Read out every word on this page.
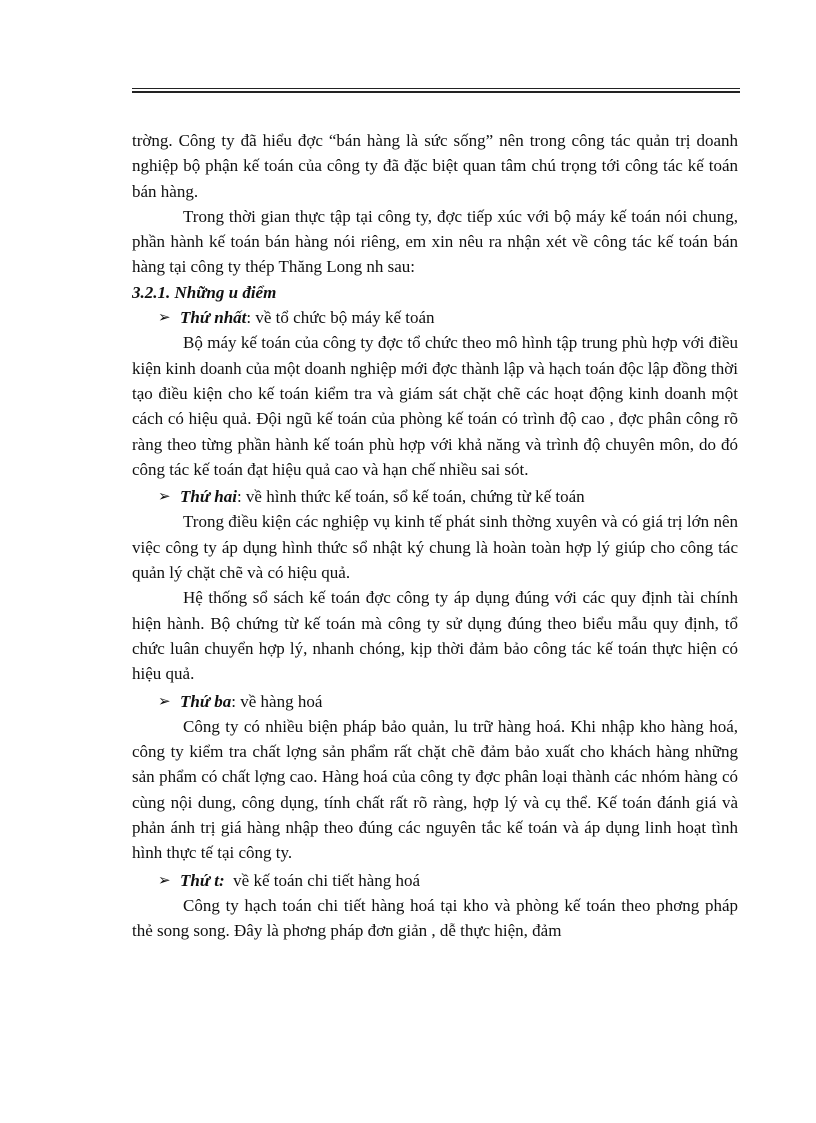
trờng. Công ty đã hiểu đợc “bán hàng là sức sống” nên trong công tác quản trị doanh nghiệp bộ phận kế toán của công ty đã đặc biệt quan tâm chú trọng tới công tác kế toán bán hàng.

Trong thời gian thực tập tại công ty, đợc tiếp xúc với bộ máy kế toán nói chung, phần hành kế toán bán hàng nói riêng, em xin nêu ra nhận xét về công tác kế toán bán hàng tại công ty thép Thăng Long nh sau:

3.2.1. Những u điểm

➢ Thứ nhất: về tổ chức bộ máy kế toán

Bộ máy kế toán của công ty đợc tổ chức theo mô hình tập trung phù hợp với điều kiện kinh doanh của một doanh nghiệp mới đợc thành lập và hạch toán độc lập đồng thời tạo điều kiện cho kế toán kiểm tra và giám sát chặt chẽ các hoạt động kinh doanh một cách có hiệu quả. Đội ngũ kế toán của phòng kế toán có trình độ cao , đợc phân công rõ ràng theo từng phần hành kế toán phù hợp với khả năng và trình độ chuyên môn, do đó công tác kế toán đạt hiệu quả cao và hạn chế nhiều sai sót.

➢ Thứ hai: về hình thức kế toán, sổ kế toán, chứng từ kế toán

Trong điều kiện các nghiệp vụ kinh tế phát sinh thờng xuyên và có giá trị lớn nên việc công ty áp dụng hình thức sổ nhật ký chung là hoàn toàn hợp lý giúp cho công tác quản lý chặt chẽ và có hiệu quả.

Hệ thống sổ sách kế toán đợc công ty áp dụng đúng với các quy định tài chính hiện hành. Bộ chứng từ kế toán mà công ty sử dụng đúng theo biểu mẫu quy định, tổ chức luân chuyển hợp lý, nhanh chóng, kịp thời đảm bảo công tác kế toán thực hiện có hiệu quả.

➢ Thứ ba: về hàng hoá

Công ty có nhiều biện pháp bảo quản, lu trữ hàng hoá. Khi nhập kho hàng hoá, công ty kiểm tra chất lợng sản phẩm rất chặt chẽ đảm bảo xuất cho khách hàng những sản phẩm có chất lợng cao. Hàng hoá của công ty đợc phân loại thành các nhóm hàng có cùng nội dung, công dụng, tính chất rất rõ ràng, hợp lý và cụ thể. Kế toán đánh giá và phản ánh trị giá hàng nhập theo đúng các nguyên tắc kế toán và áp dụng linh hoạt tình hình thực tế tại công ty.

➢ Thứ t:  về kế toán chi tiết hàng hoá

Công ty hạch toán chi tiết hàng hoá tại kho và phòng kế toán theo phơng pháp thẻ song song. Đây là phơng pháp đơn giản , dễ thực hiện, đảm
